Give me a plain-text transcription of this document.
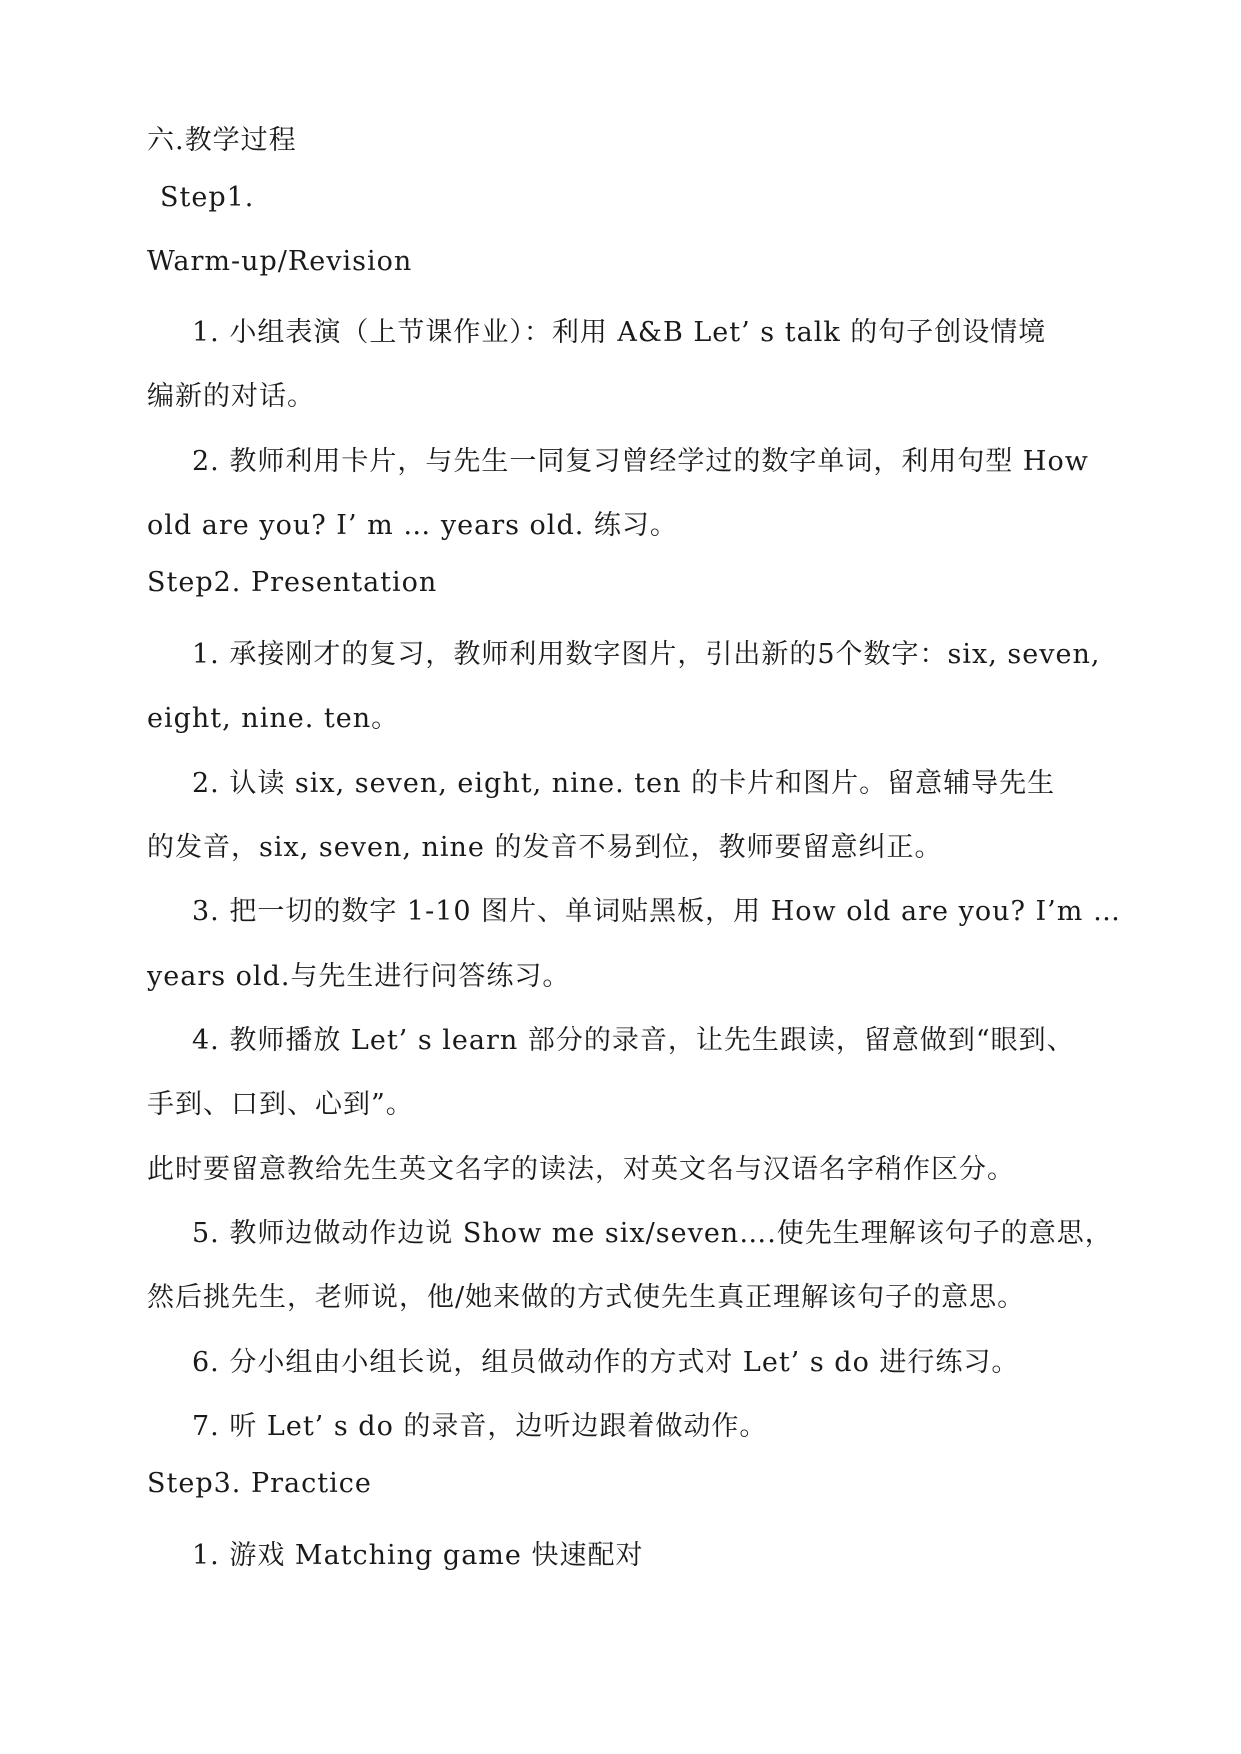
六.教学过程
Step1.
Warm-up/Revision
1. 小组表演（上节课作业）：利用 A&B Let’ s talk 的句子创设情境
编新的对话。
2. 教师利用卡片，与先生一同复习曾经学过的数字单词，利用句型 How
old are you? I’ m … years old. 练习。
Step2. Presentation
1. 承接刚才的复习，教师利用数字图片，引出新的5个数字：six, seven,
eight, nine. ten。
2. 认读 six, seven, eight, nine. ten 的卡片和图片。留意辅导先生
的发音，six, seven, nine 的发音不易到位，教师要留意纠正。
3. 把一切的数字 1-10 图片、单词贴黑板，用 How old are you? I’m …
years old.与先生进行问答练习。
4. 教师播放 Let’ s learn 部分的录音，让先生跟读，留意做到“眼到、
手到、口到、心到”。
此时要留意教给先生英文名字的读法，对英文名与汉语名字稍作区分。
5. 教师边做动作边说 Show me six/seven….使先生理解该句子的意思，
然后挑先生，老师说，他/她来做的方式使先生真正理解该句子的意思。
6. 分小组由小组长说，组员做动作的方式对 Let’ s do 进行练习。
7. 听 Let’ s do 的录音，边听边跟着做动作。
Step3. Practice
1. 游戏 Matching game 快速配对
